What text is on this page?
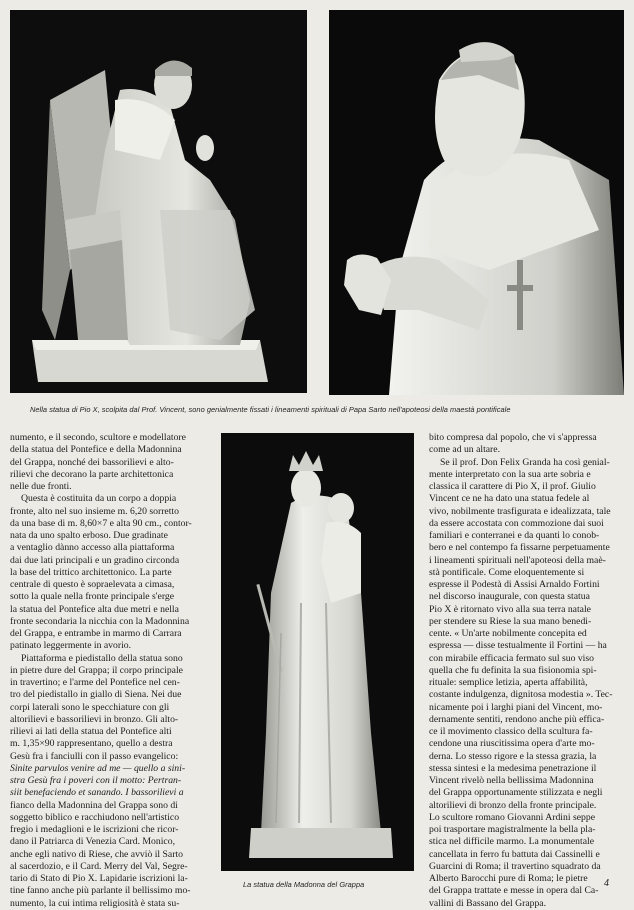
Nella statua di Pio X, scolpita dal Prof. Vincent, sono genialmente fissati i lineamenti spirituali di Papa Sarto nell'apoteosi della maestà pontificale
numento, e il secondo, scultore e modellatore
della statua del Pontefice e della Madonnina
del Grappa, nonché dei bassorilievi e alto-
rilievi che decorano la parte architettonica
nelle due fronti.
Questa è costituita da un corpo a doppia
fronte, alto nel suo insieme m. 6,20 sorretto
da una base di m. 8,60×7 e alta 90 cm., contor-
nata da uno spalto erboso. Due gradinate
a ventaglio dànno accesso alla piattaforma
dai due lati principali e un gradino circonda
la base del trittico architettonico. La parte
centrale di questo è sopraelevata a cimasa,
sotto la quale nella fronte principale s'erge
la statua del Pontefice alta due metri e nella
fronte secondaria la nicchia con la Madonnina
del Grappa, e entrambe in marmo di Carrara
patinato leggermente in avorio.
Piattaforma e piedistallo della statua sono
in pietre dure del Grappa; il corpo principale
in travertino; e l'arme del Pontefice nel cen-
tro del piedistallo in giallo di Siena. Nei due
corpi laterali sono le specchiature con gli
altorilievi e bassorilievi in bronzo. Gli alto-
rilievi ai lati della statua del Pontefice alti
m. 1,35×90 rappresentano, quello a destra
Gesù fra i fanciulli con il passo evangelico:
Sinite parvulos venire ad me — quello a sini-
stra Gesù fra i poveri con il motto: Pertran-
siit benefaciendo et sanando. I bassorilievi a
fianco della Madonnina del Grappa sono di
soggetto biblico e racchiudono nell'artistico
fregio i medaglioni e le iscrizioni che ricor-
dano il Patriarca di Venezia Card. Monico,
anche egli nativo di Riese, che avviò il Sarto
al sacerdozio, e il Card. Merry del Val, Segre-
tario di Stato di Pio X. Lapidarie iscrizioni la-
tine fanno anche più parlante il bellissimo mo-
numento, la cui intima religiosità è stata su-
bito compresa dal popolo, che vi s'appressa
come ad un altare.
Se il prof. Don Felix Granda ha così genial-
mente interpretato con la sua arte sobria e
classica il carattere di Pio X, il prof. Giulio
Vincent ce ne ha dato una statua fedele al
vivo, nobilmente trasfigurata e idealizzata, tale
da essere accostata con commozione dai suoi
familiari e conterranei e da quanti lo conob-
bero e nel contempo fa fissarne perpetuamente
i lineamenti spirituali nell'apoteosi della maè-
stà pontificale. Come eloquentemente si
espresse il Podestà di Assisi Arnaldo Fortini
nel discorso inaugurale, con questa statua
Pio X è ritornato vivo alla sua terra natale
per stendere su Riese la sua mano benedi-
cente. « Un'arte nobilmente concepita ed
espressa — disse testualmente il Fortini — ha
con mirabile efficacia fermato sul suo viso
quella che fu definita la sua fisionomia spi-
rituale: semplice letizia, aperta affabilità,
costante indulgenza, dignitosa modestia ». Tec-
nicamente poi i larghi piani del Vincent, mo-
dernamente sentiti, rendono anche più effica-
ce il movimento classico della scultura fa-
cendone una riuscitissima opera d'arte mo-
derna. Lo stesso rigore e la stessa grazia, la
stessa sintesi e la medesima penetrazione il
Vincent rivelò nella bellissima Madonnina
del Grappa opportunamente stilizzata e negli
altorilievi di bronzo della fronte principale.
Lo scultore romano Giovanni Ardini seppe
poi trasportare magistralmente la bella pla-
stica nel difficile marmo. La monumentale
cancellata in ferro fu battuta dai Cassinelli e
Guarcini di Roma; il travertino squadrato da
Alberto Barocchi pure di Roma; le pietre
del Grappa trattate e messe in opera dal Ca-
vallini di Bassano del Grappa.
La statua della Madonna del Grappa	4
